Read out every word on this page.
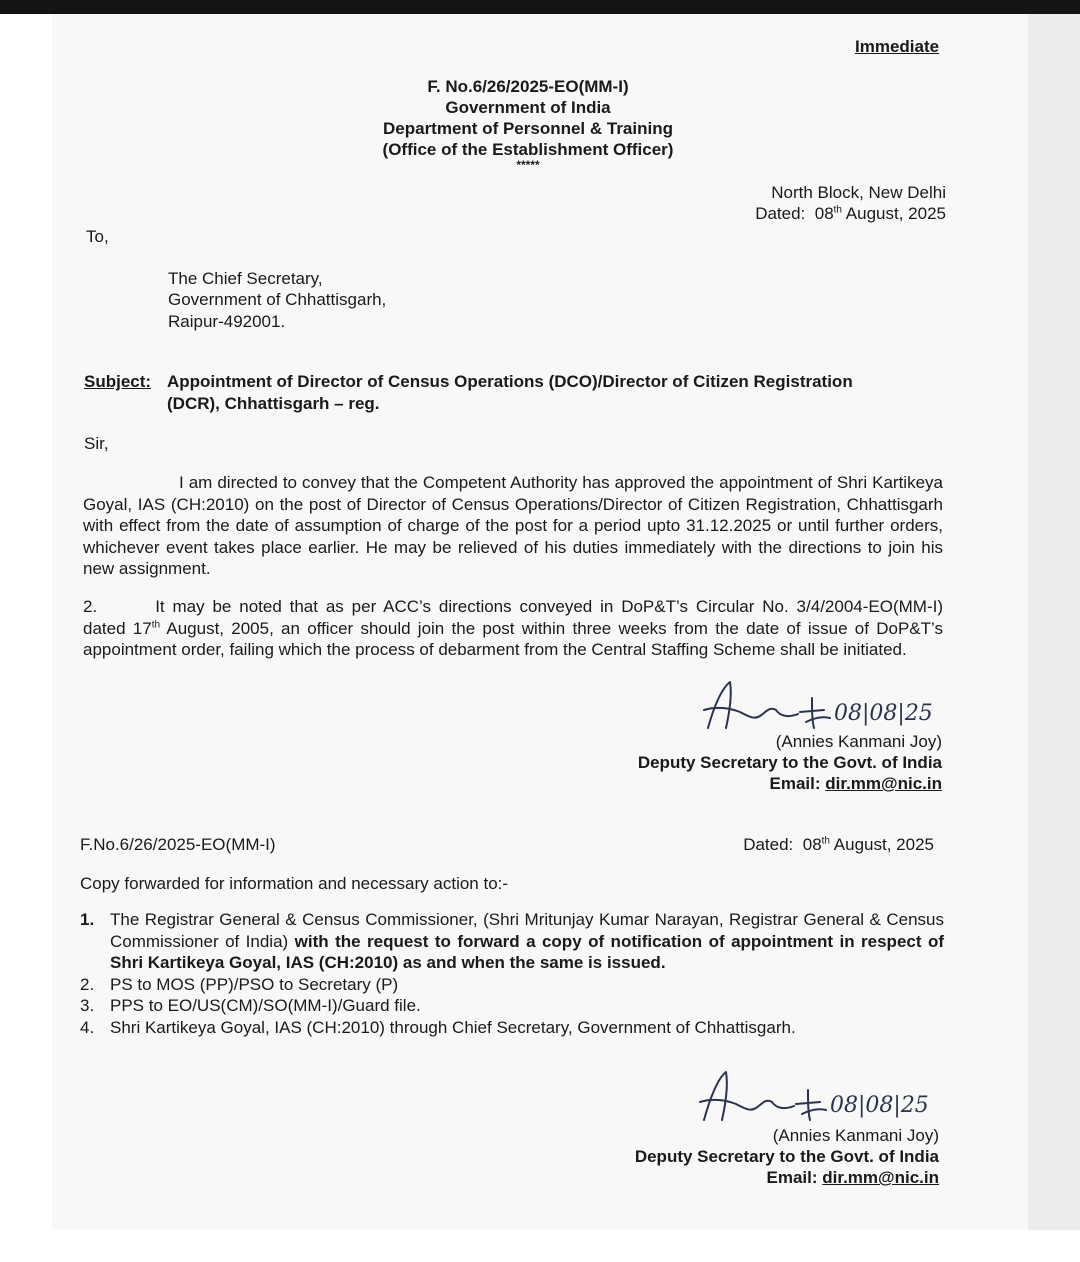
Immediate
F. No.6/26/2025-EO(MM-I)
Government of India
Department of Personnel & Training
(Office of the Establishment Officer)
*****
North Block, New Delhi
Dated: 08th August, 2025
To,
The Chief Secretary,
Government of Chhattisgarh,
Raipur-492001.
Subject: Appointment of Director of Census Operations (DCO)/Director of Citizen Registration
(DCR), Chhattisgarh – reg.
Sir,
I am directed to convey that the Competent Authority has approved the appointment of Shri Kartikeya Goyal, IAS (CH:2010) on the post of Director of Census Operations/Director of Citizen Registration, Chhattisgarh with effect from the date of assumption of charge of the post for a period upto 31.12.2025 or until further orders, whichever event takes place earlier. He may be relieved of his duties immediately with the directions to join his new assignment.
2.	It may be noted that as per ACC’s directions conveyed in DoP&T’s Circular No. 3/4/2004-EO(MM-I) dated 17th August, 2005, an officer should join the post within three weeks from the date of issue of DoP&T’s appointment order, failing which the process of debarment from the Central Staffing Scheme shall be initiated.
08|08|25
(Annies Kanmani Joy)
Deputy Secretary to the Govt. of India
Email: dir.mm@nic.in
F.No.6/26/2025-EO(MM-I)	Dated: 08th August, 2025
Copy forwarded for information and necessary action to:-
1. The Registrar General & Census Commissioner, (Shri Mritunjay Kumar Narayan, Registrar General & Census Commissioner of India) with the request to forward a copy of notification of appointment in respect of Shri Kartikeya Goyal, IAS (CH:2010) as and when the same is issued.
2. PS to MOS (PP)/PSO to Secretary (P)
3. PPS to EO/US(CM)/SO(MM-I)/Guard file.
4. Shri Kartikeya Goyal, IAS (CH:2010) through Chief Secretary, Government of Chhattisgarh.
08|08|25
(Annies Kanmani Joy)
Deputy Secretary to the Govt. of India
Email: dir.mm@nic.in
